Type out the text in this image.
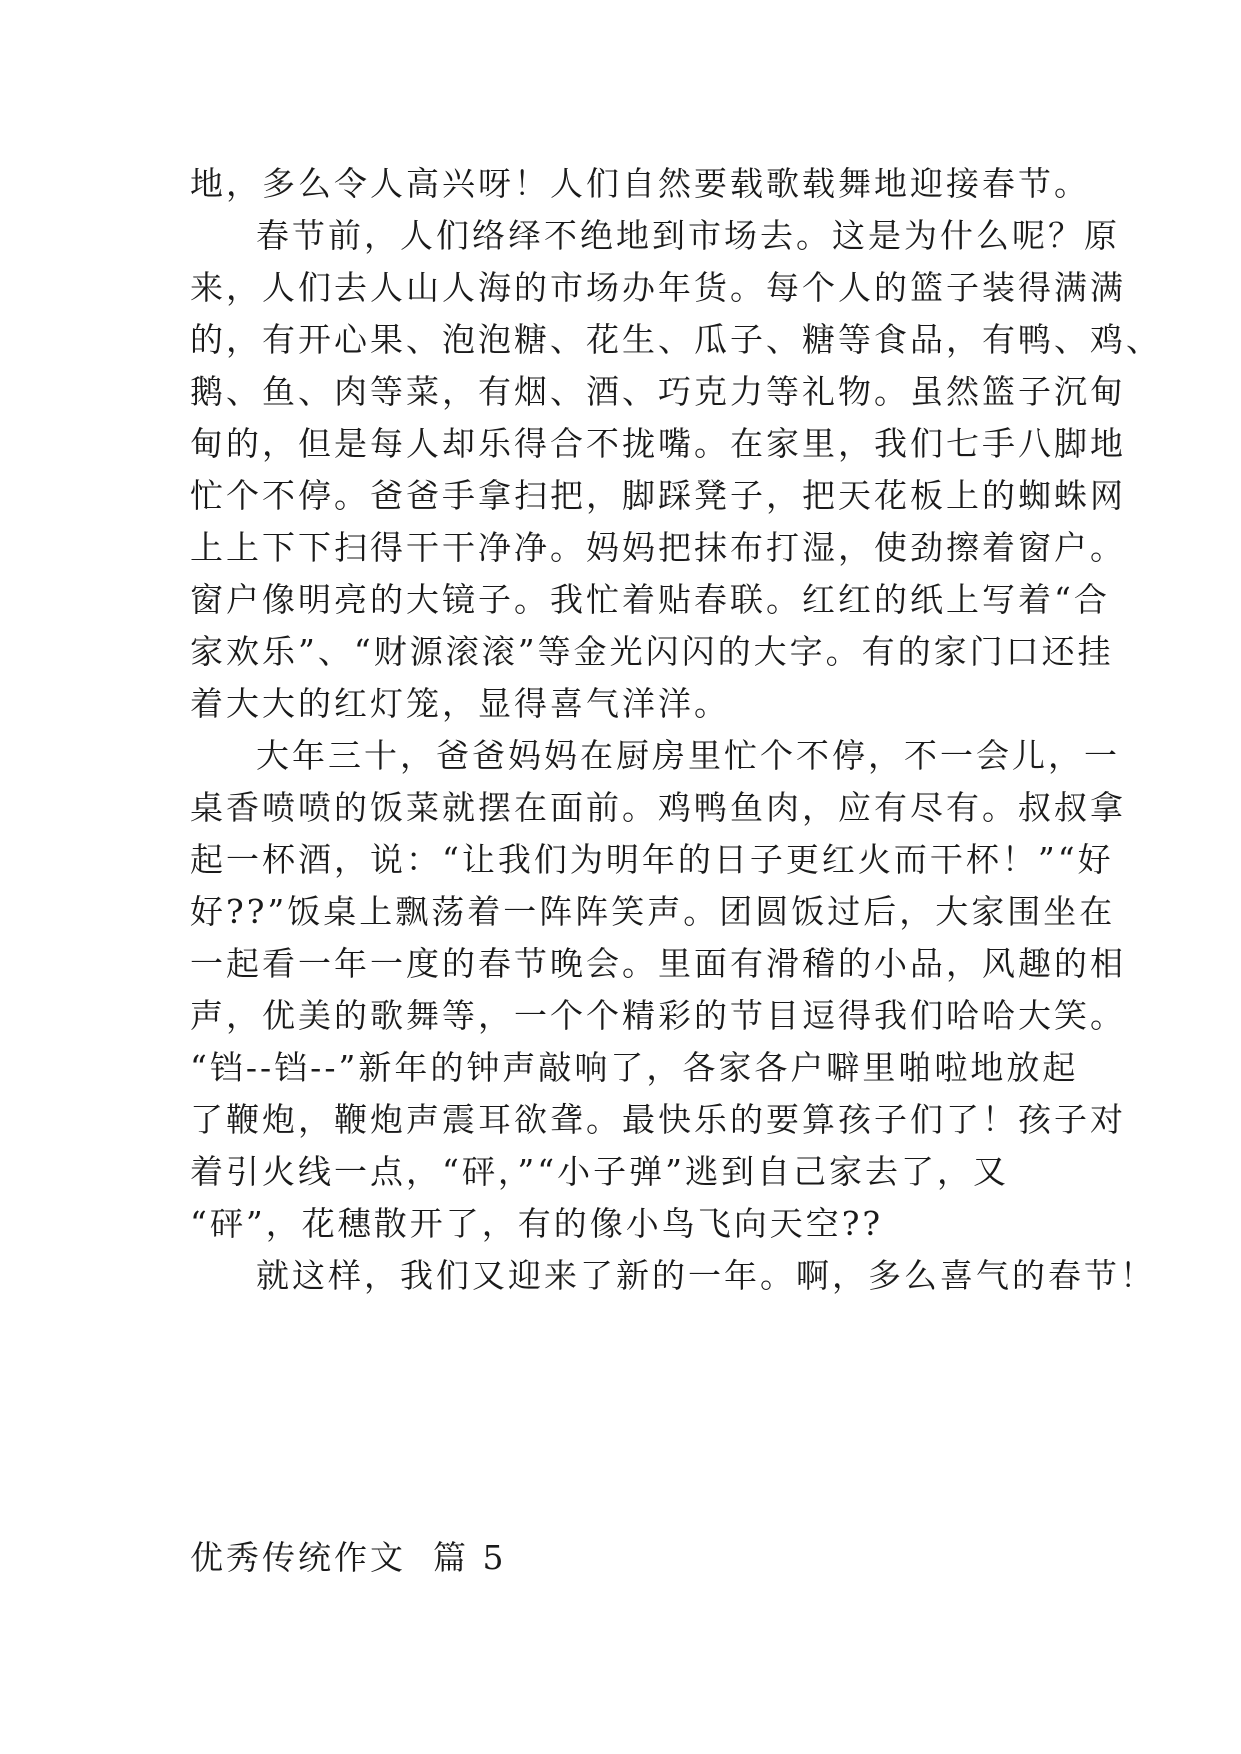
地，多么令人高兴呀！人们自然要载歌载舞地迎接春节。
春节前，人们络绎不绝地到市场去。这是为什么呢？原
来，人们去人山人海的市场办年货。每个人的篮子装得满满
的，有开心果、泡泡糖、花生、瓜子、糖等食品，有鸭、鸡、
鹅、鱼、肉等菜，有烟、酒、巧克力等礼物。虽然篮子沉甸
甸的，但是每人却乐得合不拢嘴。在家里，我们七手八脚地
忙个不停。爸爸手拿扫把，脚踩凳子，把天花板上的蜘蛛网
上上下下扫得干干净净。妈妈把抹布打湿，使劲擦着窗户。
窗户像明亮的大镜子。我忙着贴春联。红红的纸上写着“合
家欢乐”、“财源滚滚”等金光闪闪的大字。有的家门口还挂
着大大的红灯笼，显得喜气洋洋。
大年三十，爸爸妈妈在厨房里忙个不停，不一会儿，一
桌香喷喷的饭菜就摆在面前。鸡鸭鱼肉，应有尽有。叔叔拿
起一杯酒，说：“让我们为明年的日子更红火而干杯！”“好
好??”饭桌上飘荡着一阵阵笑声。团圆饭过后，大家围坐在
一起看一年一度的春节晚会。里面有滑稽的小品，风趣的相
声，优美的歌舞等，一个个精彩的节目逗得我们哈哈大笑。
“铛--铛--”新年的钟声敲响了，各家各户噼里啪啦地放起
了鞭炮，鞭炮声震耳欲聋。最快乐的要算孩子们了！孩子对
着引火线一点，“砰，”“小子弹”逃到自己家去了，又
“砰”，花穗散开了，有的像小鸟飞向天空??
就这样，我们又迎来了新的一年。啊，多么喜气的春节！
优秀传统作文  篇 5
